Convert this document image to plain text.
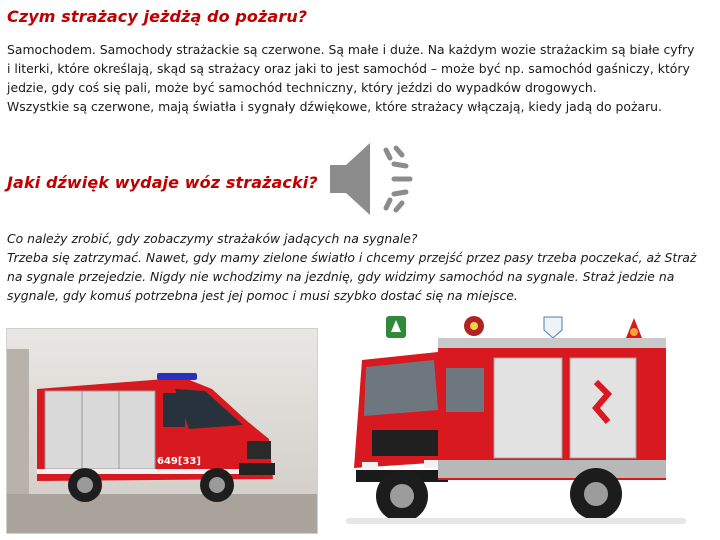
Czym strażacy jeżdżą do pożaru?

Samochodem. Samochody strażackie są czerwone. Są małe i duże. Na każdym wozie strażackim są białe cyfry
i literki, które określają, skąd są strażacy oraz jaki to jest samochód – może być np. samochód gaśniczy, który
jedzie, gdy coś się pali, może być samochód techniczny, który jeździ do wypadków drogowych.
Wszystkie są czerwone, mają światła i sygnały dźwiękowe, które strażacy włączają, kiedy jadą do pożaru.

Jaki dźwięk wydaje wóz strażacki?

Co należy zrobić, gdy zobaczymy strażaków jadących na sygnale?
Trzeba się zatrzymać. Nawet, gdy mamy zielone światło i chcemy przejść przez pasy trzeba poczekać, aż Straż
na sygnale przejedzie. Nigdy nie wchodzimy na jezdnię, gdy widzimy samochód na sygnale. Straż jedzie na
sygnale, gdy komuś potrzebna jest jej pomoc i musi szybko dostać się na miejsce.

649[33]
